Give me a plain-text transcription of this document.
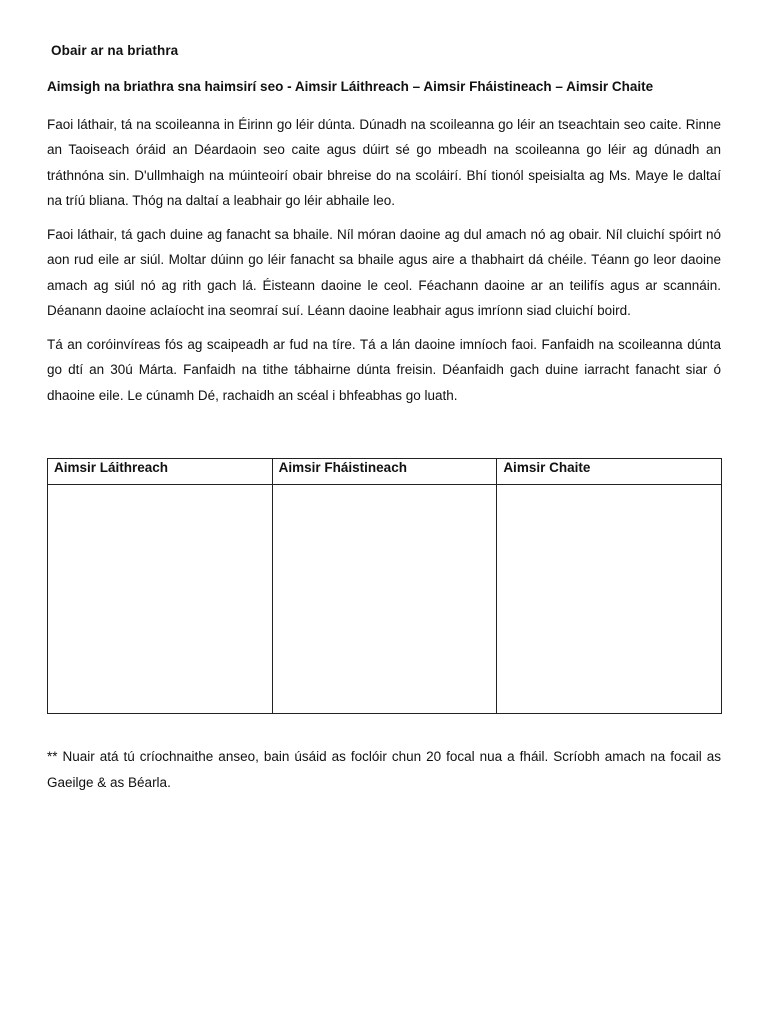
Obair ar na briathra
Aimsigh na briathra sna haimsirí seo - Aimsir Láithreach – Aimsir Fháistineach – Aimsir Chaite

Faoi láthair, tá na scoileanna in Éirinn go léir dúnta. Dúnadh na scoileanna go léir an tseachtain seo caite. Rinne an Taoiseach óráid an Déardaoin seo caite agus dúirt sé go mbeadh na scoileanna go léir ag dúnadh an tráthnóna sin. D'ullmhaigh na múinteoirí obair bhreise do na scoláirí. Bhí tionól speisialta ag Ms. Maye le daltaí na tríú bliana. Thóg na daltaí a leabhair go léir abhaile leo.

Faoi láthair, tá gach duine ag fanacht sa bhaile. Níl móran daoine ag dul amach nó ag obair. Níl cluichí spóirt nó aon rud eile ar siúl. Moltar dúinn go léir fanacht sa bhaile agus aire a thabhairt dá chéile. Téann go leor daoine amach ag siúl nó ag rith gach lá. Éisteann daoine le ceol. Féachann daoine ar an teilifís agus ar scannáin. Déanann daoine aclaíocht ina seomraí suí. Léann daoine leabhair agus imríonn siad cluichí boird.

Tá an coróinvíreas fós ag scaipeadh ar fud na tíre. Tá a lán daoine imníoch faoi. Fanfaidh na scoileanna dúnta go dtí an 30ú Márta. Fanfaidh na tithe tábhairne dúnta freisin. Déanfaidh gach duine iarracht fanacht siar ó dhaoine eile. Le cúnamh Dé, rachaidh an scéal i bhfeabhas go luath.

Aimsir Láithreach	Aimsir Fháistineach	Aimsir Chaite

** Nuair atá tú críochnaithe anseo, bain úsáid as foclóir chun 20 focal nua a fháil. Scríobh amach na focail as Gaeilge & as Béarla.
